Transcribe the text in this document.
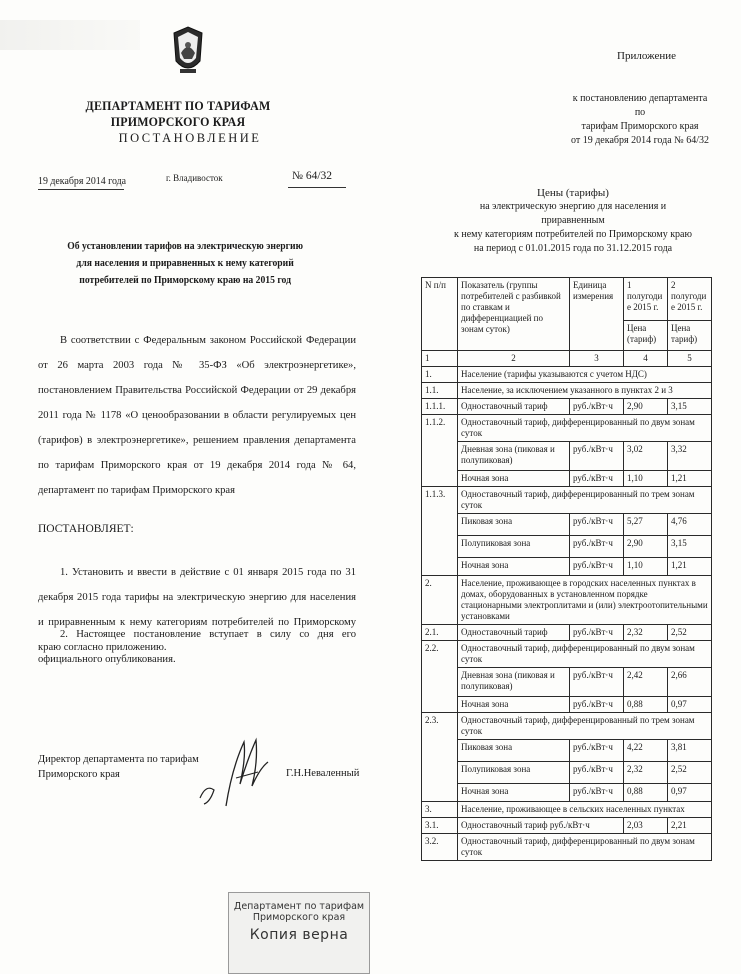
ДЕПАРТАМЕНТ ПО ТАРИФАМ ПРИМОРСКОГО КРАЯ
ПОСТАНОВЛЕНИЕ
19 декабря 2014 года	г. Владивосток	№ 64/32
Об установлении тарифов на электрическую энергию для населения и приравненных к нему категорий потребителей по Приморскому краю на 2015 год
В соответствии с Федеральным законом Российской Федерации от 26 марта 2003 года № 35-ФЗ «Об электроэнергетике», постановлением Правительства Российской Федерации от 29 декабря 2011 года № 1178 «О ценообразовании в области регулируемых цен (тарифов) в электроэнергетике», решением правления департамента по тарифам Приморского края от 19 декабря 2014 года № 64, департамент по тарифам Приморского края
ПОСТАНОВЛЯЕТ:
1. Установить и ввести в действие с 01 января 2015 года по 31 декабря 2015 года тарифы на электрическую энергию для населения и приравненным к нему категориям потребителей по Приморскому краю согласно приложению.
2. Настоящее постановление вступает в силу со дня его официального опубликования.
Директор департамента по тарифам
Приморского края	Г.Н.Неваленный
Департамент по тарифам
Приморского края
Копия верна
Приложение
к постановлению департамента по
тарифам Приморского края
от 19 декабря 2014 года № 64/32
Цены (тарифы)
на электрическую энергию для населения и приравненным
к нему категориям потребителей по Приморскому краю
на период с 01.01.2015 года по 31.12.2015 года
N п/п	Показатель (группы потребителей с разбивкой по ставкам и дифференциацией по зонам суток)	Единица измерения	1 полугодие 2015 г.	2 полугодие 2015 г.
			Цена (тариф)	Цена тариф)
1	2	3	4	5
1.	Население (тарифы указываются с учетом НДС)			
1.1.	Население, за исключением указанного в пунктах 2 и 3			
1.1.1.	Одноставочный тариф	руб./кВт·ч	2,90	3,15
1.1.2.	Одноставочный тариф, дифференцированный по двум зонам суток			
	Дневная зона (пиковая и полупиковая)	руб./кВт·ч	3,02	3,32
	Ночная зона	руб./кВт·ч	1,10	1,21
1.1.3.	Одноставочный тариф, дифференцированный по трем зонам суток			
	Пиковая зона	руб./кВт·ч	5,27	4,76
	Полупиковая зона	руб./кВт·ч	2,90	3,15
	Ночная зона	руб./кВт·ч	1,10	1,21
2.	Население, проживающее в городских населенных пунктах в домах, оборудованных в установленном порядке стационарными электроплитами и (или) электроотопительными установками			
2.1.	Одноставочный тариф	руб./кВт·ч	2,32	2,52
2.2.	Одноставочный тариф, дифференцированный по двум зонам суток			
	Дневная зона (пиковая и полупиковая)	руб./кВт·ч	2,42	2,66
	Ночная зона	руб./кВт·ч	0,88	0,97
2.3.	Одноставочный тариф, дифференцированный по трем зонам суток			
	Пиковая зона	руб./кВт·ч	4,22	3,81
	Полупиковая зона	руб./кВт·ч	2,32	2,52
	Ночная зона	руб./кВт·ч	0,88	0,97
3.	Население, проживающее в сельских населенных пунктах			
3.1.	Одноставочный тариф руб./кВт·ч		2,03	2,21
3.2.	Одноставочный тариф, дифференцированный по двум зонам суток			
